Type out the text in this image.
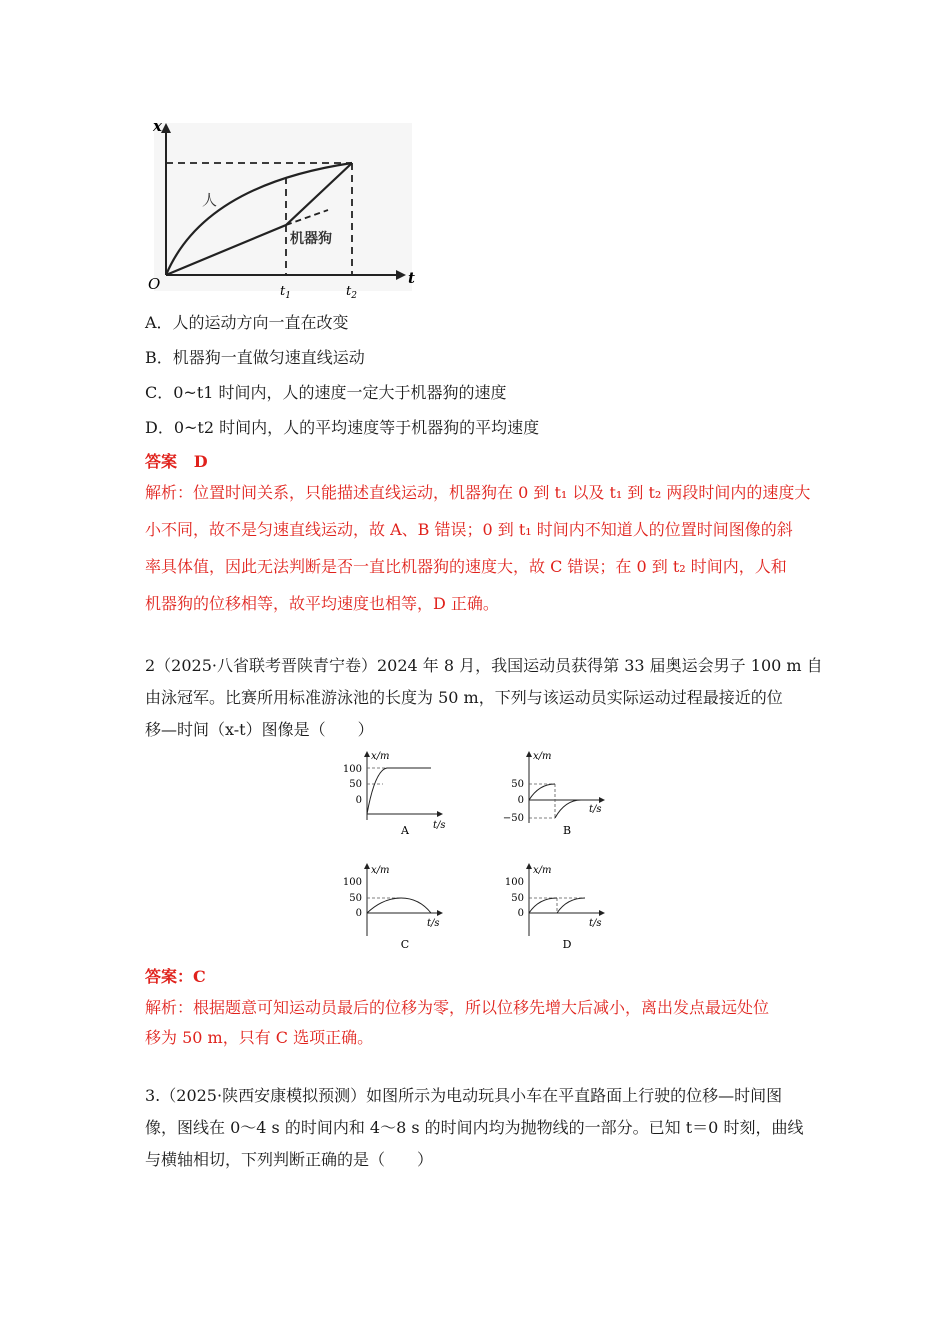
x
t
O	$t_1$	$t_2$
人
机器狗
A．人的运动方向一直在改变
B．机器狗一直做匀速直线运动
C．0~t1 时间内，人的速度一定大于机器狗的速度
D．0~t2 时间内，人的平均速度等于机器狗的平均速度
答案 D
解析：位置时间关系，只能描述直线运动，机器狗在 0 到 t₁ 以及 t₁ 到 t₂ 两段时间内的速度大
小不同，故不是匀速直线运动，故 A、B 错误；0 到 t₁ 时间内不知道人的位置时间图像的斜
率具体值，因此无法判断是否一直比机器狗的速度大，故 C 错误；在 0 到 t₂ 时间内，人和
机器狗的位移相等，故平均速度也相等，D 正确。
2（2025·八省联考晋陕青宁卷）2024 年 8 月，我国运动员获得第 33 届奥运会男子 100 m 自
由泳冠军。比赛所用标准游泳池的长度为 50 m，下列与该运动员实际运动过程最接近的位
移—时间（x-t）图像是（　　）
x/m
t/s
100
50
0
A
x/m
t/s
50
0
−50
B
x/m
t/s
100
50
0
C
x/m
t/s
100
50
0
D
答案：C
解析：根据题意可知运动员最后的位移为零，所以位移先增大后减小，离出发点最远处位
移为 50 m，只有 C 选项正确。
3.（2025·陕西安康模拟预测）如图所示为电动玩具小车在平直路面上行驶的位移—时间图
像，图线在 0～4 s 的时间内和 4～8 s 的时间内均为抛物线的一部分。已知 t＝0 时刻，曲线
与横轴相切，下列判断正确的是（　　）
